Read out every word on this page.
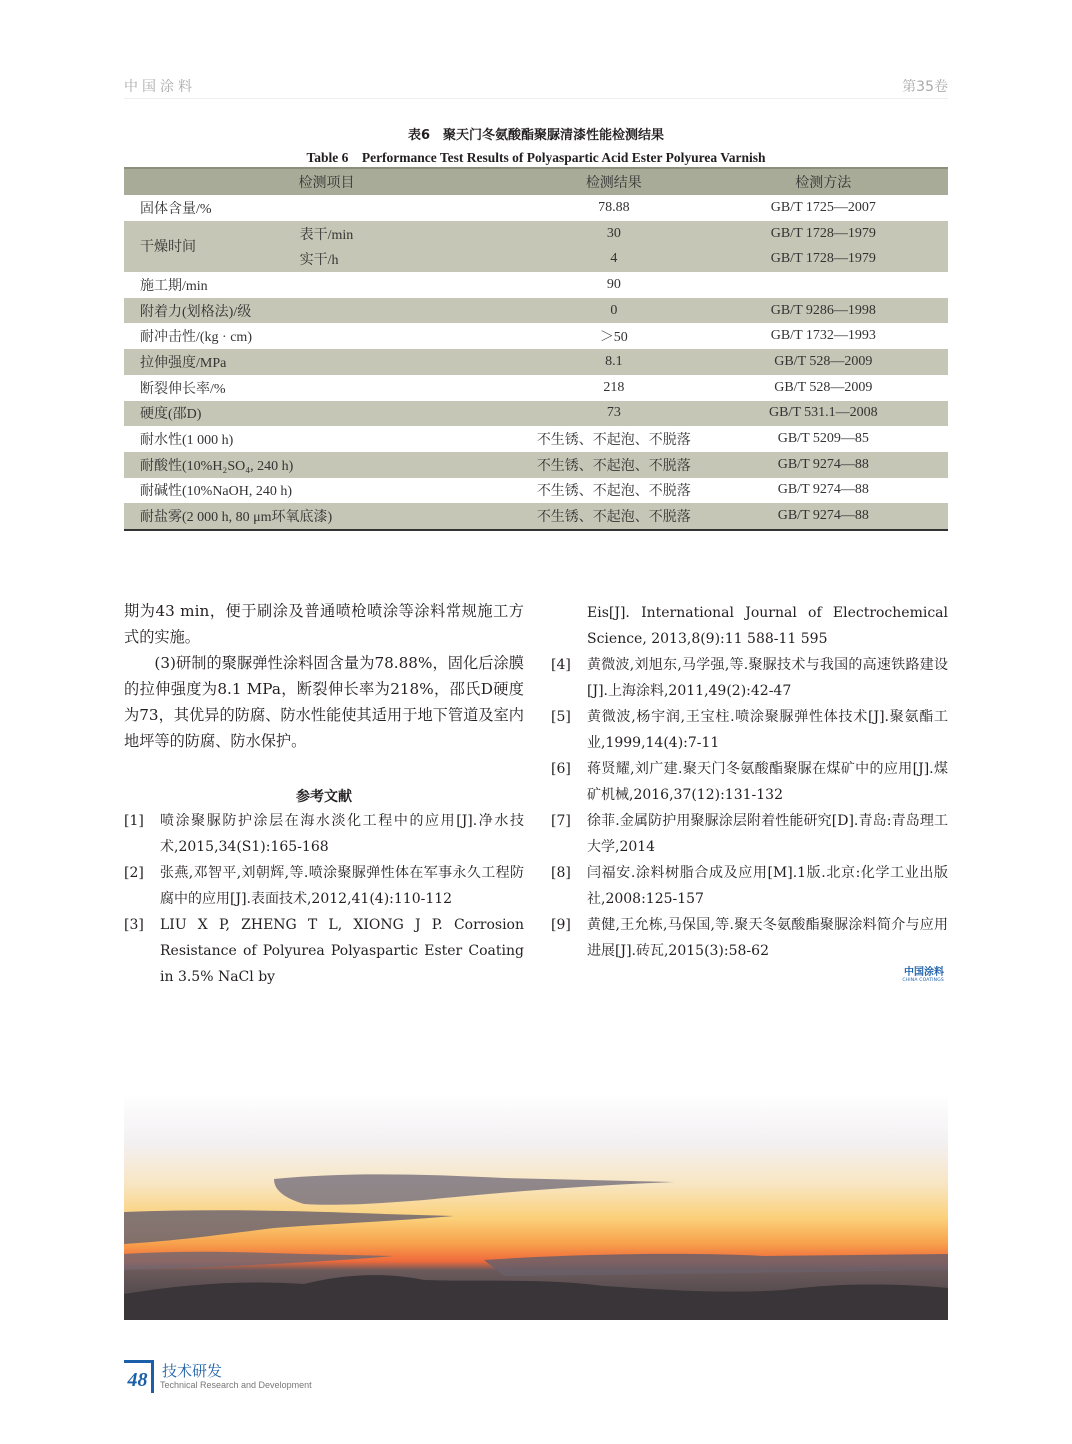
中国涂料	第35卷
表6　聚天门冬氨酸酯聚脲清漆性能检测结果
Table 6　Performance Test Results of Polyaspartic Acid Ester Polyurea Varnish
检测项目		检测结果	检测方法
固体含量/%		78.88	GB/T 1725—2007
干燥时间	表干/min	30	GB/T 1728—1979
	实干/h	4	GB/T 1728—1979
施工期/min		90	
附着力(划格法)/级		0	GB/T 9286—1998
耐冲击性/(kg · cm)		＞50	GB/T 1732—1993
拉伸强度/MPa		8.1	GB/T 528—2009
断裂伸长率/%		218	GB/T 528—2009
硬度(邵D)		73	GB/T 531.1—2008
耐水性(1 000 h)		不生锈、不起泡、不脱落	GB/T 5209—85
耐酸性(10%H₂SO₄, 240 h)		不生锈、不起泡、不脱落	GB/T 9274—88
耐碱性(10%NaOH, 240 h)		不生锈、不起泡、不脱落	GB/T 9274—88
耐盐雾(2 000 h, 80 μm环氧底漆)		不生锈、不起泡、不脱落	GB/T 9274—88

期为43 min，便于刷涂及普通喷枪喷涂等涂料常规施工方式的实施。

(3)研制的聚脲弹性涂料固含量为78.88%，固化后涂膜的拉伸强度为8.1 MPa，断裂伸长率为218%，邵氏D硬度为73，其优异的防腐、防水性能使其适用于地下管道及室内地坪等的防腐、防水保护。

参考文献
[1]	喷涂聚脲防护涂层在海水淡化工程中的应用[J].净水技术,2015,34(S1):165-168
[2]	张燕,邓智平,刘朝辉,等.喷涂聚脲弹性体在军事永久工程防腐中的应用[J].表面技术,2012,41(4):110-112
[3]	LIU X P, ZHENG T L, XIONG J P. Corrosion Resistance of Polyurea Polyaspartic Ester Coating in 3.5% NaCl by
Eis[J]. International Journal of Electrochemical Science, 2013,8(9):11 588-11 595
[4]	黄微波,刘旭东,马学强,等.聚脲技术与我国的高速铁路建设[J].上海涂料,2011,49(2):42-47
[5]	黄微波,杨宇润,王宝柱.喷涂聚脲弹性体技术[J].聚氨酯工业,1999,14(4):7-11
[6]	蒋贤耀,刘广建.聚天门冬氨酸酯聚脲在煤矿中的应用[J].煤矿机械,2016,37(12):131-132
[7]	徐菲.金属防护用聚脲涂层附着性能研究[D].青岛:青岛理工大学,2014
[8]	闫福安.涂料树脂合成及应用[M].1版.北京:化学工业出版社,2008:125-157
[9]	黄健,王允栋,马保国,等.聚天冬氨酸酯聚脲涂料简介与应用进展[J].砖瓦,2015(3):58-62
中国涂料
CHINA COATINGS
48 技术研发
Technical Research and Development
